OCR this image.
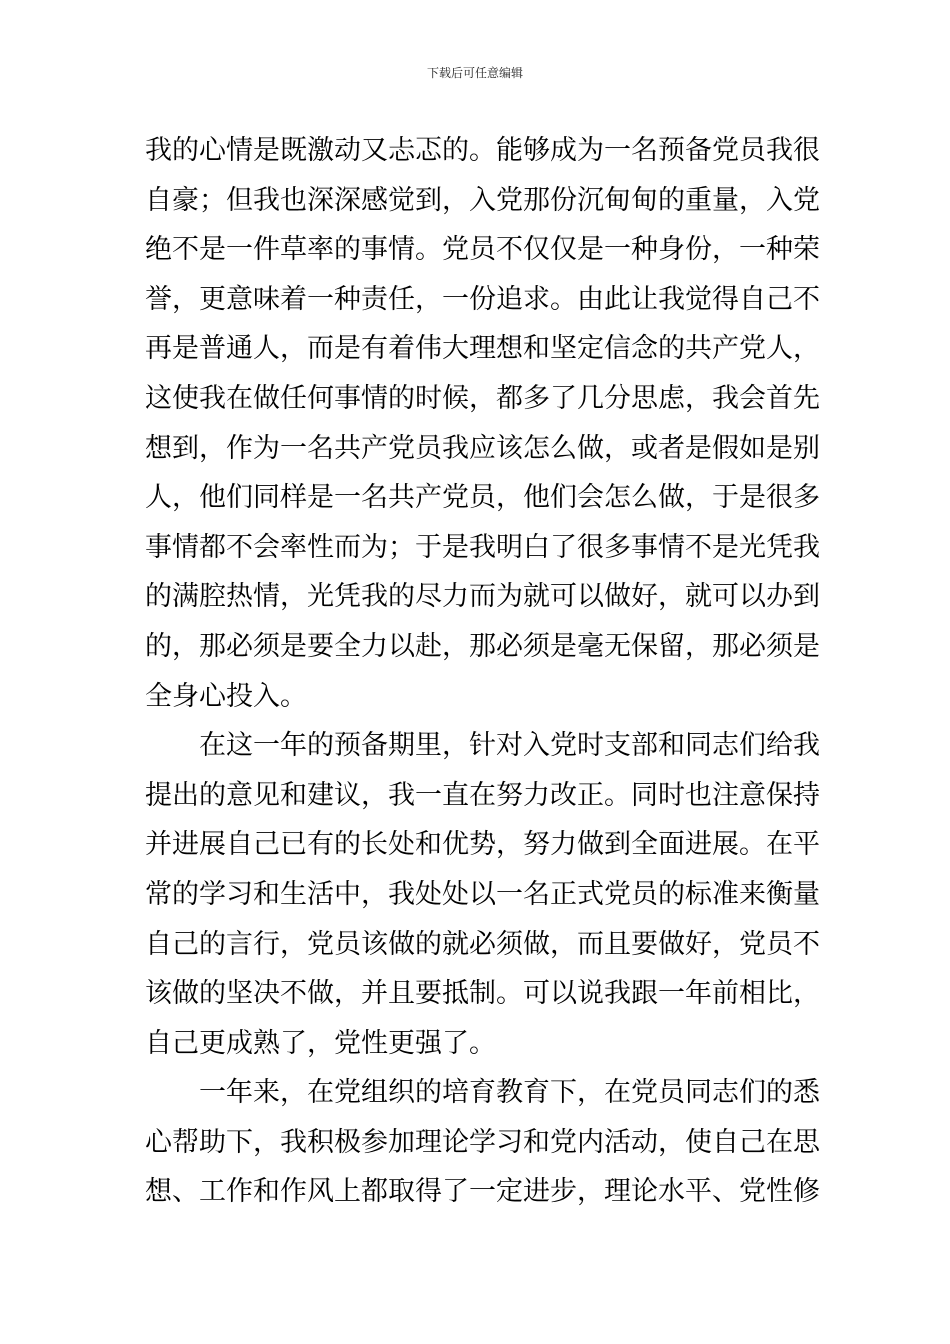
下载后可任意编辑
我的心情是既激动又忐忑的。能够成为一名预备党员我很
自豪；但我也深深感觉到，入党那份沉甸甸的重量，入党
绝不是一件草率的事情。党员不仅仅是一种身份，一种荣
誉，更意味着一种责任，一份追求。由此让我觉得自己不
再是普通人，而是有着伟大理想和坚定信念的共产党人，
这使我在做任何事情的时候，都多了几分思虑，我会首先
想到，作为一名共产党员我应该怎么做，或者是假如是别
人，他们同样是一名共产党员，他们会怎么做，于是很多
事情都不会率性而为；于是我明白了很多事情不是光凭我
的满腔热情，光凭我的尽力而为就可以做好，就可以办到
的，那必须是要全力以赴，那必须是毫无保留，那必须是
全身心投入。
在这一年的预备期里，针对入党时支部和同志们给我
提出的意见和建议，我一直在努力改正。同时也注意保持
并进展自己已有的长处和优势，努力做到全面进展。在平
常的学习和生活中，我处处以一名正式党员的标准来衡量
自己的言行，党员该做的就必须做，而且要做好，党员不
该做的坚决不做，并且要抵制。可以说我跟一年前相比，
自己更成熟了，党性更强了。
一年来，在党组织的培育教育下，在党员同志们的悉
心帮助下，我积极参加理论学习和党内活动，使自己在思
想、工作和作风上都取得了一定进步，理论水平、党性修
